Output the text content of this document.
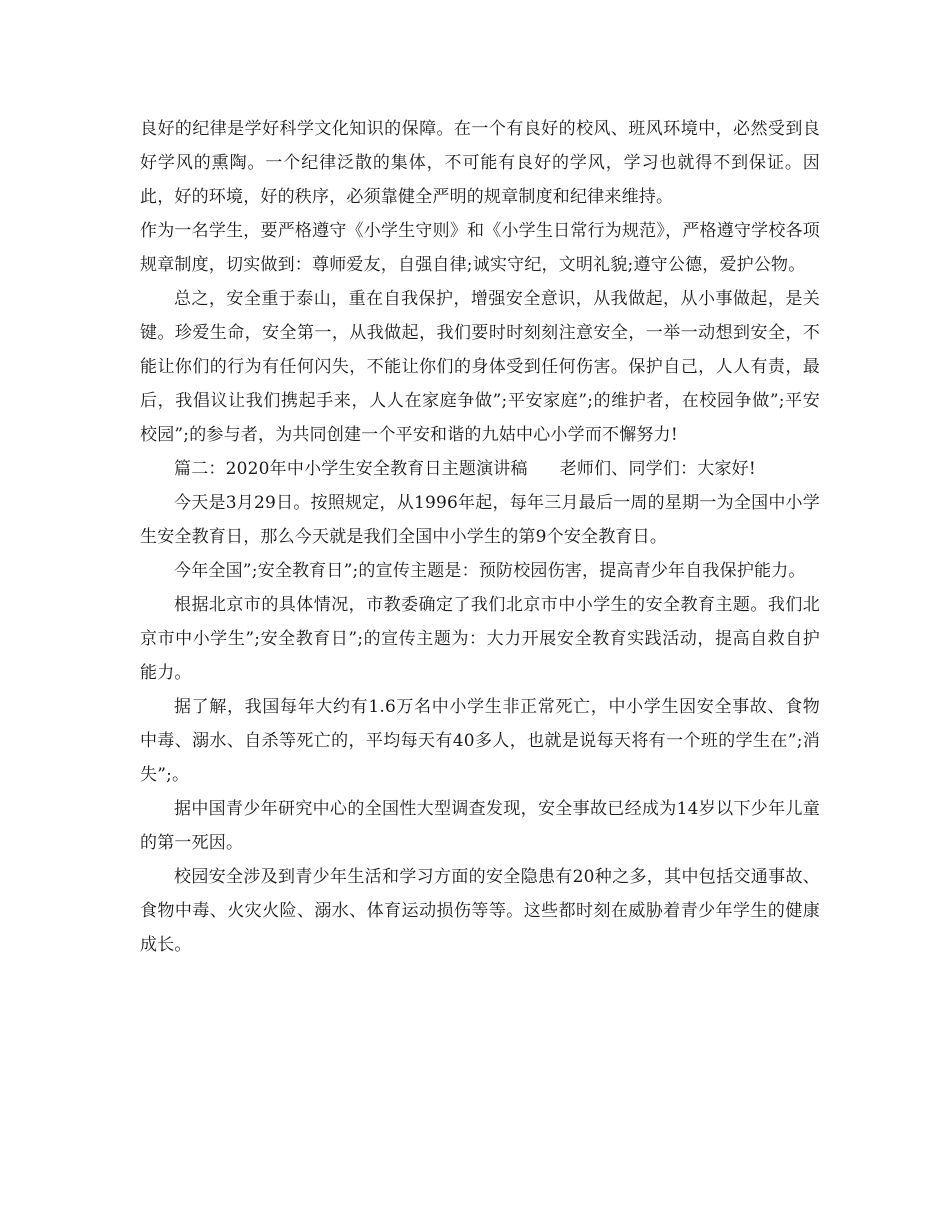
良好的纪律是学好科学文化知识的保障。在一个有良好的校风、班风环境中，必然受到良好学风的熏陶。一个纪律泛散的集体，不可能有良好的学风，学习也就得不到保证。因此，好的环境，好的秩序，必须靠健全严明的规章制度和纪律来维持。

作为一名学生，要严格遵守《小学生守则》和《小学生日常行为规范》，严格遵守学校各项规章制度，切实做到：尊师爱友，自强自律;诚实守纪，文明礼貌;遵守公德，爱护公物。

总之，安全重于泰山，重在自我保护，增强安全意识，从我做起，从小事做起，是关键。珍爱生命，安全第一，从我做起，我们要时时刻刻注意安全，一举一动想到安全，不能让你们的行为有任何闪失，不能让你们的身体受到任何伤害。保护自己，人人有责，最后，我倡议让我们携起手来，人人在家庭争做”;平安家庭”;的维护者，在校园争做”;平安校园”;的参与者，为共同创建一个平安和谐的九姑中心小学而不懈努力!

篇二：2020年中小学生安全教育日主题演讲稿 老师们、同学们：大家好!

今天是3月29日。按照规定，从1996年起，每年三月最后一周的星期一为全国中小学生安全教育日，那么今天就是我们全国中小学生的第9个安全教育日。

今年全国”;安全教育日”;的宣传主题是：预防校园伤害，提高青少年自我保护能力。

根据北京市的具体情况，市教委确定了我们北京市中小学生的安全教育主题。我们北京市中小学生”;安全教育日”;的宣传主题为：大力开展安全教育实践活动，提高自救自护能力。

据了解，我国每年大约有1.6万名中小学生非正常死亡，中小学生因安全事故、食物中毒、溺水、自杀等死亡的，平均每天有40多人，也就是说每天将有一个班的学生在”;消失”;。

据中国青少年研究中心的全国性大型调查发现，安全事故已经成为14岁以下少年儿童的第一死因。

校园安全涉及到青少年生活和学习方面的安全隐患有20种之多，其中包括交通事故、食物中毒、火灾火险、溺水、体育运动损伤等等。这些都时刻在威胁着青少年学生的健康成长。
